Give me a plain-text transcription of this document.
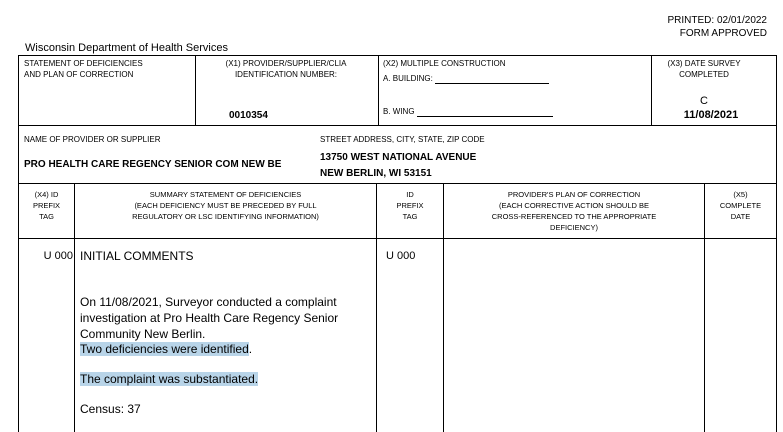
PRINTED: 02/01/2022
FORM APPROVED
Wisconsin Department of Health Services
STATEMENT OF DEFICIENCIES
AND PLAN OF CORRECTION
(X1) PROVIDER/SUPPLIER/CLIA
IDENTIFICATION NUMBER:
0010354
(X2) MULTIPLE CONSTRUCTION
A. BUILDING:
B. WING
(X3) DATE SURVEY
COMPLETED
C
11/08/2021
NAME OF PROVIDER OR SUPPLIER
PRO HEALTH CARE REGENCY SENIOR COM NEW BE
STREET ADDRESS, CITY, STATE, ZIP CODE
13750 WEST NATIONAL AVENUE
NEW BERLIN, WI 53151
(X4) ID
PREFIX
TAG
SUMMARY STATEMENT OF DEFICIENCIES
(EACH DEFICIENCY MUST BE PRECEDED BY FULL
REGULATORY OR LSC IDENTIFYING INFORMATION)
ID
PREFIX
TAG
PROVIDER'S PLAN OF CORRECTION
(EACH CORRECTIVE ACTION SHOULD BE
CROSS-REFERENCED TO THE APPROPRIATE
DEFICIENCY)
(X5)
COMPLETE
DATE
U 000 INITIAL COMMENTS
On 11/08/2021, Surveyor conducted a complaint
investigation at Pro Health Care Regency Senior
Community New Berlin.
Two deficiencies were identified.
The complaint was substantiated.
Census: 37
U 000
